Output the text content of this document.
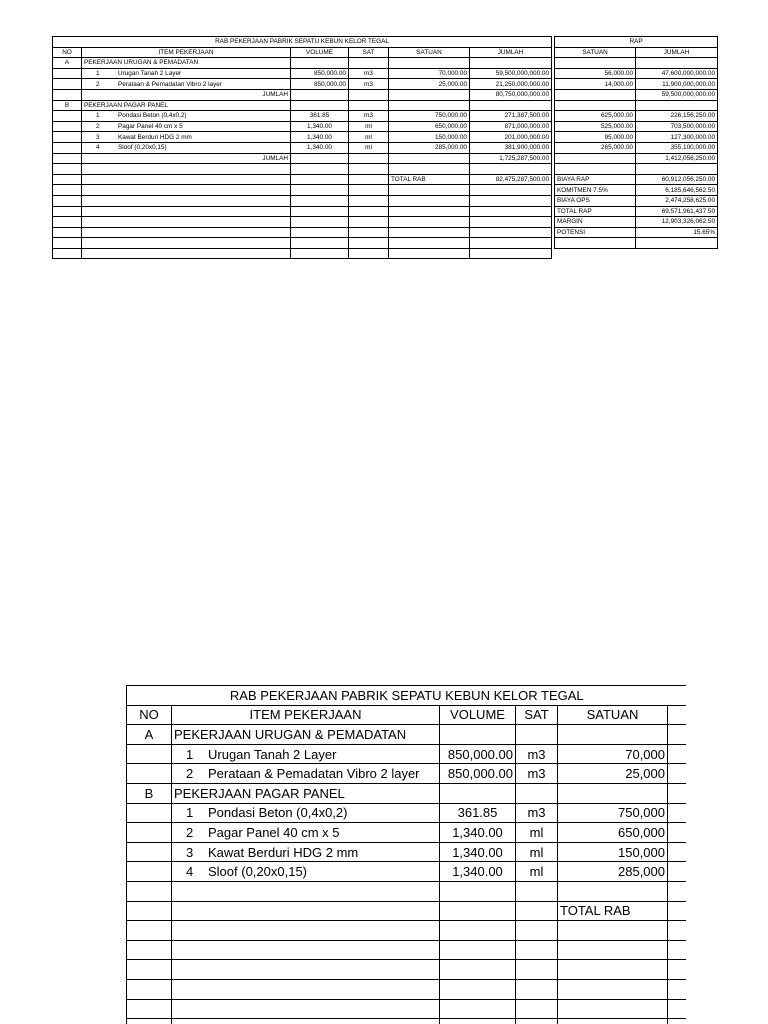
RAB PEKERJAAN PABRIK SEPATU KEBUN KELOR TEGAL					
NO	ITEM PEKERJAAN	VOLUME	SAT	SATUAN	JUMLAH
A	PEKERJAAN URUGAN & PEMADATAN				
	1 Urugan Tanah 2 Layer	850,000.00	m3	70,000.00	59,500,000,000.00
	2 Perataan & Pemadatan Vibro 2 layer	850,000.00	m3	25,000.00	21,250,000,000.00
	JUMLAH				80,750,000,000.00
B	PEKERJAAN PAGAR PANEL				
	1 Pondasi Beton (0,4x0,2)	361.85	m3	750,000.00	271,387,500.00
	2 Pagar Panel 40 cm x 5	1,340.00	ml	650,000.00	871,000,000.00
	3 Kawat Berduri HDG 2 mm	1,340.00	ml	150,000.00	201,000,000.00
	4 Sloof (0,20x0,15)	1,340.00	ml	285,000.00	381,900,000.00
	JUMLAH				1,725,287,500.00

				TOTAL RAB	82,475,287,500.00

RAP	
SATUAN	JUMLAH

56,000.00	47,600,000,000.00
14,000.00	11,900,000,000.00
	59,500,000,000.00

625,000.00	226,156,250.00
525,000.00	703,500,000.00
95,000.00	127,300,000.00
265,000.00	355,100,000.00
	1,412,056,250.00

BIAYA RAP	60,912,056,250.00
KOMITMEN 7.5%	6,185,646,562.50
BIAYA OPS	2,474,258,625.00
TOTAL RAP	69,571,961,437.50
MARGIN	12,903,326,062.50
POTENSI	15.65%

RAB PEKERJAAN PABRIK SEPATU KEBUN KELOR TEGAL					
NO	ITEM PEKERJAAN	VOLUME	SAT	SATUAN	
A	PEKERJAAN URUGAN & PEMADATAN				
	1 Urugan Tanah 2 Layer	850,000.00	m3	70,000	
	2 Perataan & Pemadatan Vibro 2 layer	850,000.00	m3	25,000	
B	PEKERJAAN PAGAR PANEL				
	1 Pondasi Beton (0,4x0,2)	361.85	m3	750,000	
	2 Pagar Panel 40 cm x 5	1,340.00	ml	650,000	
	3 Kawat Berduri HDG 2 mm	1,340.00	ml	150,000	
	4 Sloof (0,20x0,15)	1,340.00	ml	285,000	

				TOTAL RAB	
